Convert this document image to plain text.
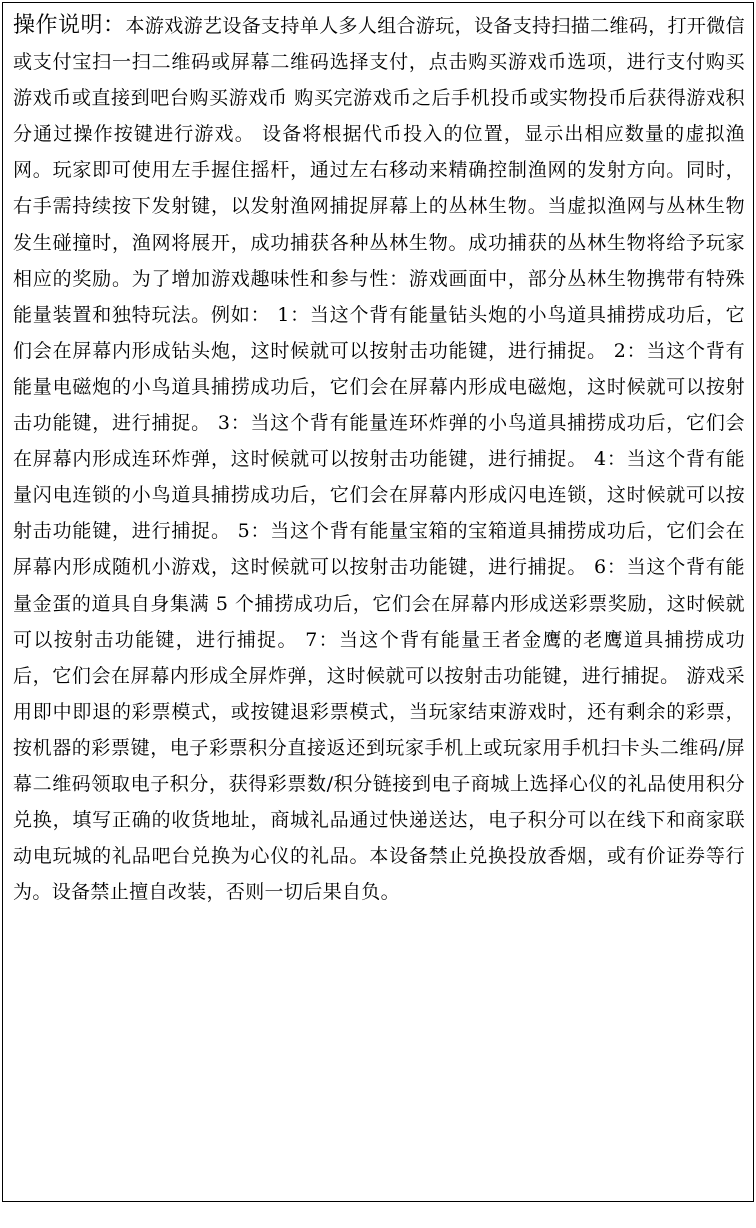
操作说明：本游戏游艺设备支持单人多人组合游玩，设备支持扫描二维码，打开微信或支付宝扫一扫二维码或屏幕二维码选择支付，点击购买游戏币选项，进行支付购买游戏币或直接到吧台购买游戏币 购买完游戏币之后手机投币或实物投币后获得游戏积分通过操作按键进行游戏。 设备将根据代币投入的位置，显示出相应数量的虚拟渔网。玩家即可使用左手握住摇杆，通过左右移动来精确控制渔网的发射方向。同时，右手需持续按下发射键，以发射渔网捕捉屏幕上的丛林生物。当虚拟渔网与丛林生物发生碰撞时，渔网将展开，成功捕获各种丛林生物。成功捕获的丛林生物将给予玩家相应的奖励。为了增加游戏趣味性和参与性：游戏画面中，部分丛林生物携带有特殊能量装置和独特玩法。例如： 1：当这个背有能量钻头炮的小鸟道具捕捞成功后，它们会在屏幕内形成钻头炮，这时候就可以按射击功能键，进行捕捉。 2：当这个背有能量电磁炮的小鸟道具捕捞成功后，它们会在屏幕内形成电磁炮，这时候就可以按射击功能键，进行捕捉。 3：当这个背有能量连环炸弹的小鸟道具捕捞成功后，它们会在屏幕内形成连环炸弹，这时候就可以按射击功能键，进行捕捉。 4：当这个背有能量闪电连锁的小鸟道具捕捞成功后，它们会在屏幕内形成闪电连锁，这时候就可以按射击功能键，进行捕捉。 5：当这个背有能量宝箱的宝箱道具捕捞成功后，它们会在屏幕内形成随机小游戏，这时候就可以按射击功能键，进行捕捉。 6：当这个背有能量金蛋的道具自身集满 5 个捕捞成功后，它们会在屏幕内形成送彩票奖励，这时候就可以按射击功能键，进行捕捉。 7：当这个背有能量王者金鹰的老鹰道具捕捞成功后，它们会在屏幕内形成全屏炸弹，这时候就可以按射击功能键，进行捕捉。 游戏采用即中即退的彩票模式，或按键退彩票模式，当玩家结束游戏时，还有剩余的彩票，按机器的彩票键，电子彩票积分直接返还到玩家手机上或玩家用手机扫卡头二维码/屏幕二维码领取电子积分，获得彩票数/积分链接到电子商城上选择心仪的礼品使用积分兑换，填写正确的收货地址，商城礼品通过快递送达，电子积分可以在线下和商家联动电玩城的礼品吧台兑换为心仪的礼品。本设备禁止兑换投放香烟，或有价证券等行为。设备禁止擅自改装，否则一切后果自负。
